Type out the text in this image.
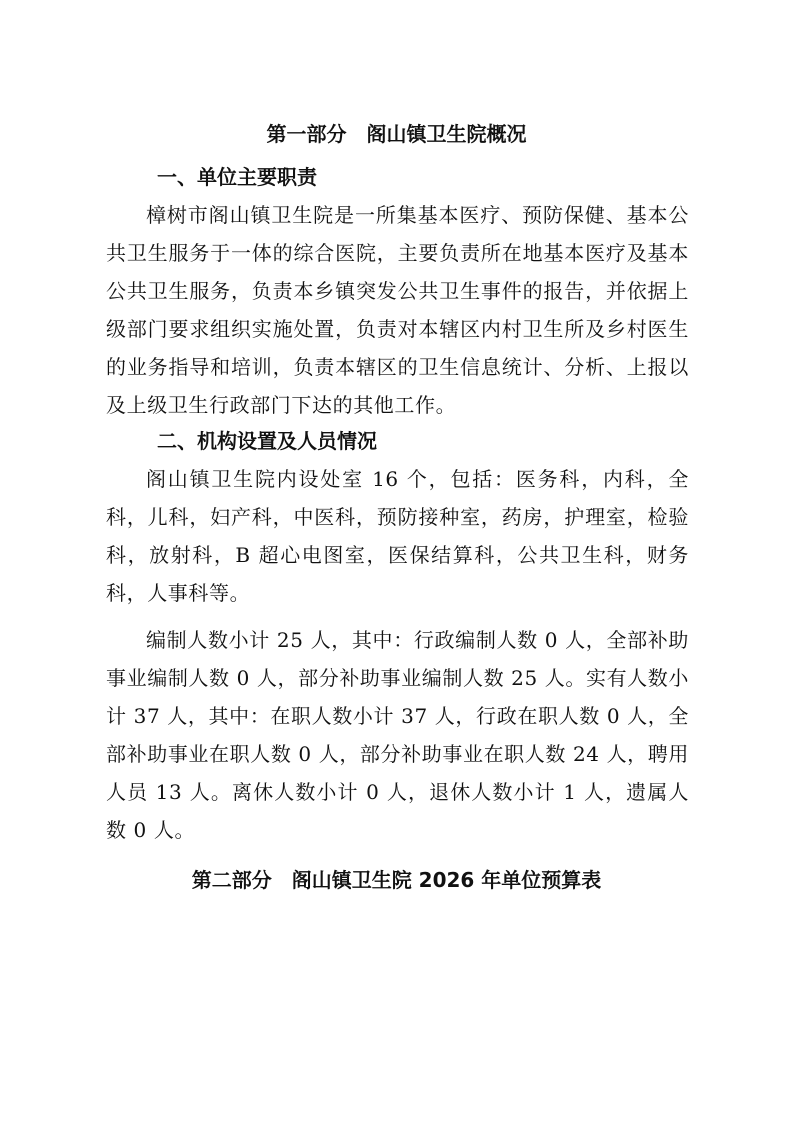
第一部分　阁山镇卫生院概况
一、单位主要职责

樟树市阁山镇卫生院是一所集基本医疗、预防保健、基本公共卫生服务于一体的综合医院，主要负责所在地基本医疗及基本公共卫生服务，负责本乡镇突发公共卫生事件的报告，并依据上级部门要求组织实施处置，负责对本辖区内村卫生所及乡村医生的业务指导和培训，负责本辖区的卫生信息统计、分析、上报以及上级卫生行政部门下达的其他工作。

二、机构设置及人员情况

阁山镇卫生院内设处室 16 个，包括：医务科，内科，全科，儿科，妇产科，中医科，预防接种室，药房，护理室，检验科，放射科，B 超心电图室，医保结算科，公共卫生科，财务科，人事科等。

编制人数小计 25 人，其中：行政编制人数 0 人，全部补助事业编制人数 0 人，部分补助事业编制人数 25 人。实有人数小计 37 人，其中：在职人数小计 37 人，行政在职人数 0 人，全部补助事业在职人数 0 人，部分补助事业在职人数 24 人，聘用人员 13 人。离休人数小计 0 人，退休人数小计 1 人，遗属人数 0 人。

第二部分　阁山镇卫生院 2026 年单位预算表
